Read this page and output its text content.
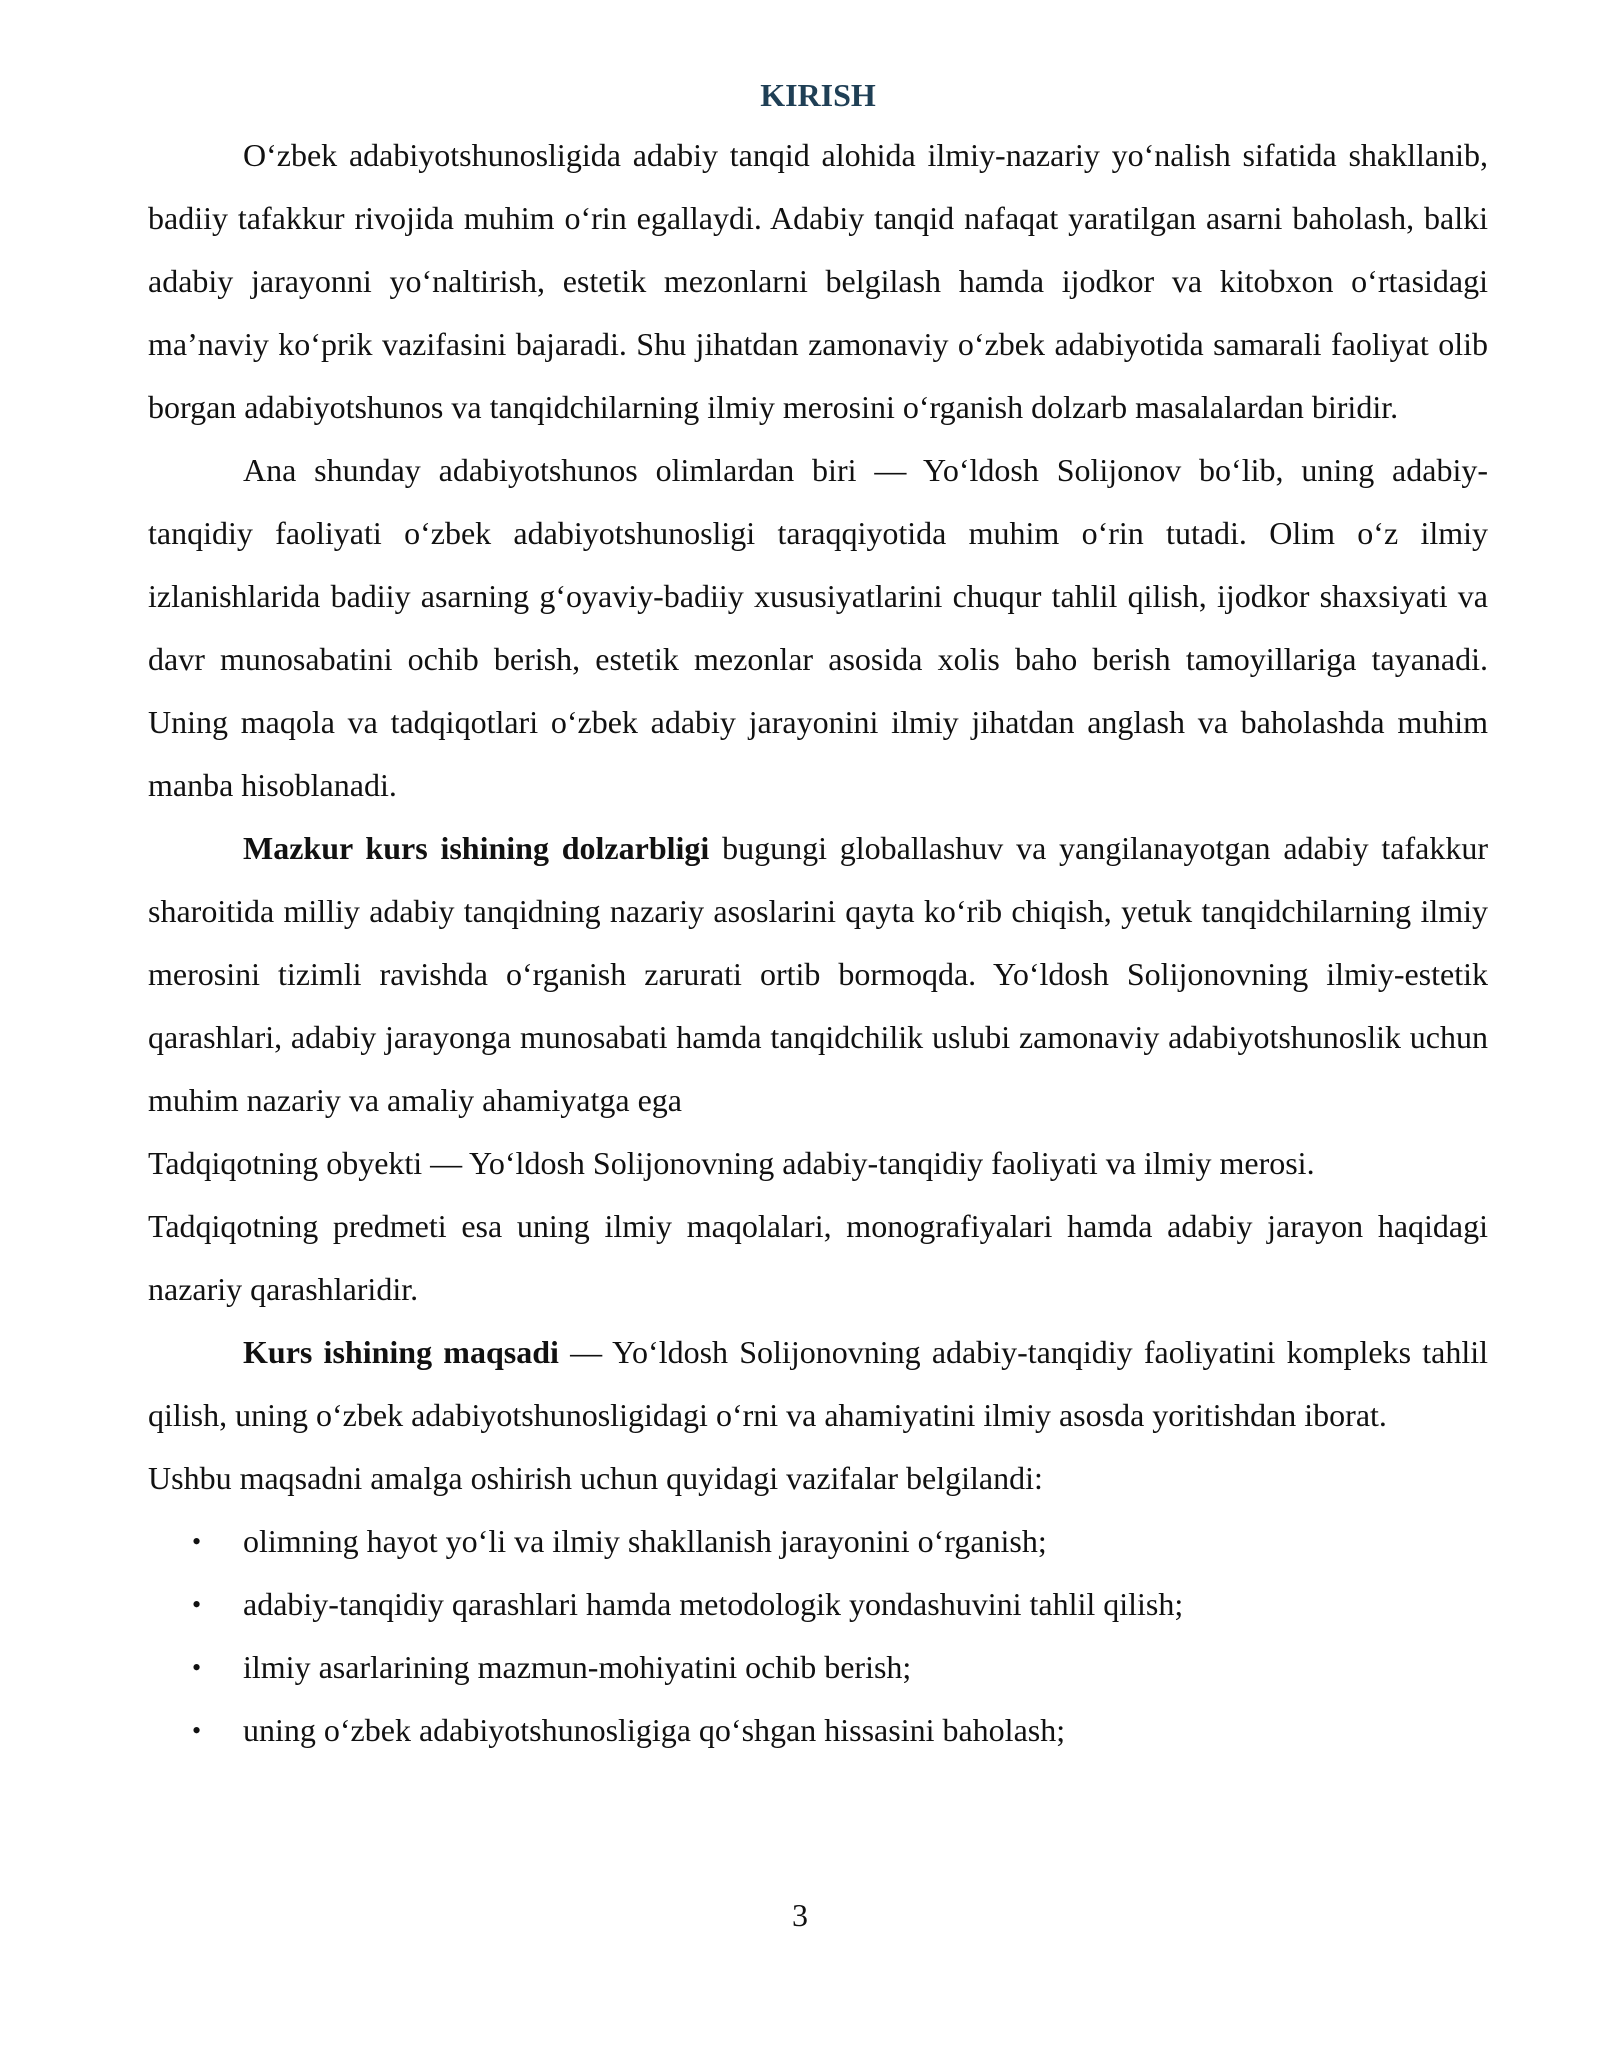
KIRISH

O‘zbek adabiyotshunosligida adabiy tanqid alohida ilmiy-nazariy yo‘nalish sifatida shakllanib, badiiy tafakkur rivojida muhim o‘rin egallaydi. Adabiy tanqid nafaqat yaratilgan asarni baholash, balki adabiy jarayonni yo‘naltirish, estetik mezonlarni belgilash hamda ijodkor va kitobxon o‘rtasidagi ma’naviy ko‘prik vazifasini bajaradi. Shu jihatdan zamonaviy o‘zbek adabiyotida samarali faoliyat olib borgan adabiyotshunos va tanqidchilarning ilmiy merosini o‘rganish dolzarb masalalardan biridir.

Ana shunday adabiyotshunos olimlardan biri — Yo‘ldosh Solijonov bo‘lib, uning adabiy-tanqidiy faoliyati o‘zbek adabiyotshunosligi taraqqiyotida muhim o‘rin tutadi. Olim o‘z ilmiy izlanishlarida badiiy asarning g‘oyaviy-badiiy xususiyatlarini chuqur tahlil qilish, ijodkor shaxsiyati va davr munosabatini ochib berish, estetik mezonlar asosida xolis baho berish tamoyillariga tayanadi. Uning maqola va tadqiqotlari o‘zbek adabiy jarayonini ilmiy jihatdan anglash va baholashda muhim manba hisoblanadi.

Mazkur kurs ishining dolzarbligi bugungi globallashuv va yangilanayotgan adabiy tafakkur sharoitida milliy adabiy tanqidning nazariy asoslarini qayta ko‘rib chiqish, yetuk tanqidchilarning ilmiy merosini tizimli ravishda o‘rganish zarurati ortib bormoqda. Yo‘ldosh Solijonovning ilmiy-estetik qarashlari, adabiy jarayonga munosabati hamda tanqidchilik uslubi zamonaviy adabiyotshunoslik uchun muhim nazariy va amaliy ahamiyatga ega

Tadqiqotning obyekti — Yo‘ldosh Solijonovning adabiy-tanqidiy faoliyati va ilmiy merosi.

Tadqiqotning predmeti esa uning ilmiy maqolalari, monografiyalari hamda adabiy jarayon haqidagi nazariy qarashlaridir.

Kurs ishining maqsadi — Yo‘ldosh Solijonovning adabiy-tanqidiy faoliyatini kompleks tahlil qilish, uning o‘zbek adabiyotshunosligidagi o‘rni va ahamiyatini ilmiy asosda yoritishdan iborat.

Ushbu maqsadni amalga oshirish uchun quyidagi vazifalar belgilandi:

• olimning hayot yo‘li va ilmiy shakllanish jarayonini o‘rganish;
• adabiy-tanqidiy qarashlari hamda metodologik yondashuvini tahlil qilish;
• ilmiy asarlarining mazmun-mohiyatini ochib berish;
• uning o‘zbek adabiyotshunosligiga qo‘shgan hissasini baholash;
3
